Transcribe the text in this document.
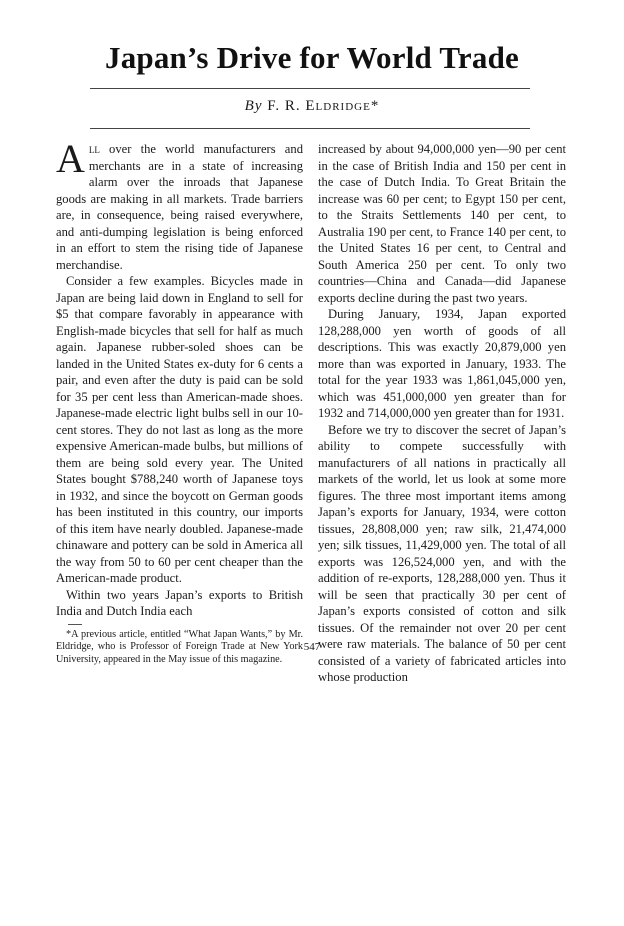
Japan’s Drive for World Trade
By F. R. Eldridge*

All over the world manufacturers and merchants are in a state of increasing alarm over the inroads that Japanese goods are making in all markets. Trade barriers are, in consequence, being raised everywhere, and anti-dumping legislation is being enforced in an effort to stem the rising tide of Japanese merchandise.

Consider a few examples. Bicycles made in Japan are being laid down in England to sell for $5 that compare favorably in appearance with English-made bicycles that sell for half as much again. Japanese rubber-soled shoes can be landed in the United States ex-duty for 6 cents a pair, and even after the duty is paid can be sold for 35 per cent less than American-made shoes. Japanese-made electric light bulbs sell in our 10-cent stores. They do not last as long as the more expensive American-made bulbs, but millions of them are being sold every year. The United States bought $788,240 worth of Japanese toys in 1932, and since the boycott on German goods has been instituted in this country, our imports of this item have nearly doubled. Japanese-made chinaware and pottery can be sold in America all the way from 50 to 60 per cent cheaper than the American-made product.

Within two years Japan’s exports to British India and Dutch India each

*A previous article, entitled “What Japan Wants,” by Mr. Eldridge, who is Professor of Foreign Trade at New York University, appeared in the May issue of this magazine.

increased by about 94,000,000 yen—90 per cent in the case of British India and 150 per cent in the case of Dutch India. To Great Britain the increase was 60 per cent; to Egypt 150 per cent, to the Straits Settlements 140 per cent, to Australia 190 per cent, to France 140 per cent, to the United States 16 per cent, to Central and South America 250 per cent. To only two countries—China and Canada—did Japanese exports decline during the past two years.

During January, 1934, Japan exported 128,288,000 yen worth of goods of all descriptions. This was exactly 20,879,000 yen more than was exported in January, 1933. The total for the year 1933 was 1,861,045,000 yen, which was 451,000,000 yen greater than for 1932 and 714,000,000 yen greater than for 1931.

Before we try to discover the secret of Japan’s ability to compete successfully with manufacturers of all nations in practically all markets of the world, let us look at some more figures. The three most important items among Japan’s exports for January, 1934, were cotton tissues, 28,808,000 yen; raw silk, 21,474,000 yen; silk tissues, 11,429,000 yen. The total of all exports was 126,524,000 yen, and with the addition of re-exports, 128,288,000 yen. Thus it will be seen that practically 30 per cent of Japan’s exports consisted of cotton and silk tissues. Of the remainder not over 20 per cent were raw materials. The balance of 50 per cent consisted of a variety of fabricated articles into whose production

547
